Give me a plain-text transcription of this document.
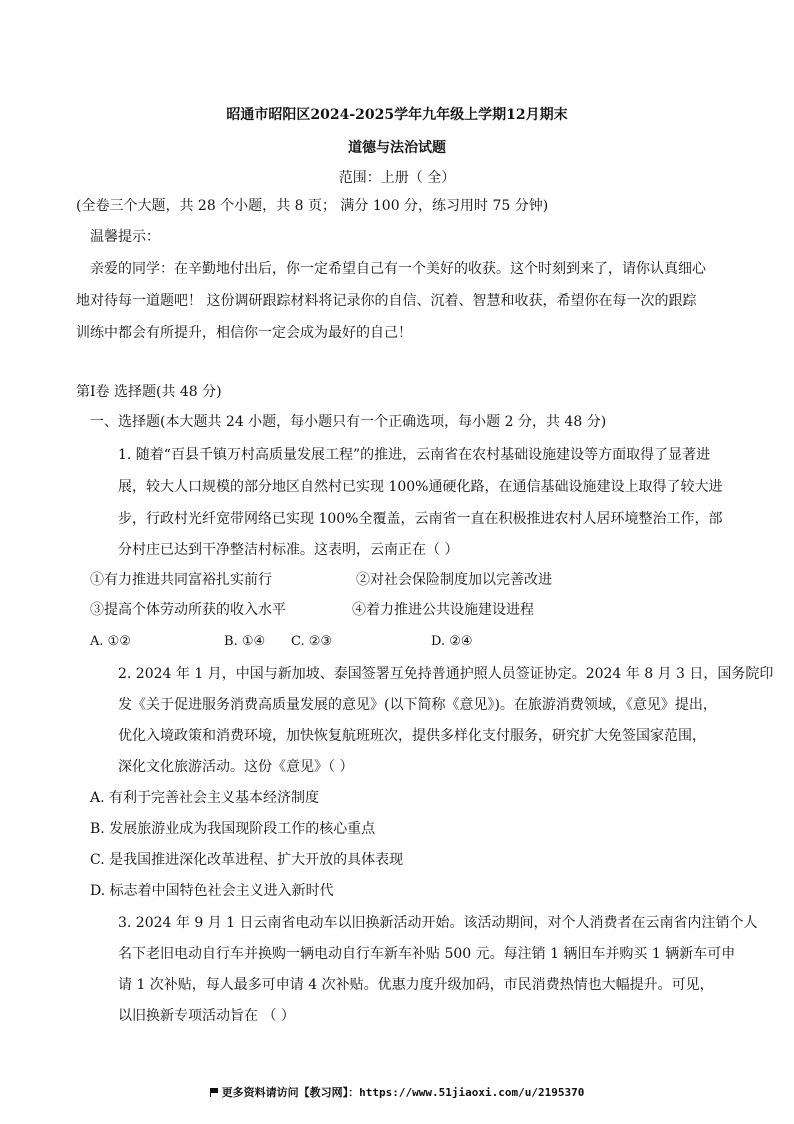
昭通市昭阳区2024-2025学年九年级上学期12月期末
道德与法治试题
范围：上册（ 全）
(全卷三个大题，共 28 个小题，共 8 页； 满分 100 分，练习用时 75 分钟)
温馨提示：
亲爱的同学：在辛勤地付出后，你一定希望自己有一个美好的收获。这个时刻到来了，请你认真细心
地对待每一道题吧！ 这份调研跟踪材料将记录你的自信、沉着、智慧和收获，希望你在每一次的跟踪
训练中都会有所提升，相信你一定会成为最好的自己！
第Ⅰ卷 选择题(共 48 分)
一、选择题(本大题共 24 小题，每小题只有一个正确选项，每小题 2 分，共 48 分)
1. 随着“百县千镇万村高质量发展工程”的推进，云南省在农村基础设施建设等方面取得了显著进
展，较大人口规模的部分地区自然村已实现 100%通硬化路，在通信基础设施建设上取得了较大进
步，行政村光纤宽带网络已实现 100%全覆盖，云南省一直在积极推进农村人居环境整治工作，部
分村庄已达到干净整洁村标准。这表明，云南正在（ ）
①有力推进共同富裕扎实前行	②对社会保险制度加以完善改进
③提高个体劳动所获的收入水平	④着力推进公共设施建设进程
A. ①②	B. ①④ C. ②③	D. ②④
2. 2024 年 1 月，中国与新加坡、泰国签署互免持普通护照人员签证协定。2024 年 8 月 3 日，国务院印
发《关于促进服务消费高质量发展的意见》(以下简称《意见》)。在旅游消费领域，《意见》提出，
优化入境政策和消费环境，加快恢复航班班次，提供多样化支付服务，研究扩大免签国家范围，
深化文化旅游活动。这份《意见》（ ）
A. 有利于完善社会主义基本经济制度
B. 发展旅游业成为我国现阶段工作的核心重点
C. 是我国推进深化改革进程、扩大开放的具体表现
D. 标志着中国特色社会主义进入新时代
3. 2024 年 9 月 1 日云南省电动车以旧换新活动开始。该活动期间，对个人消费者在云南省内注销个人
名下老旧电动自行车并换购一辆电动自行车新车补贴 500 元。每注销 1 辆旧车并购买 1 辆新车可申
请 1 次补贴，每人最多可申请 4 次补贴。优惠力度升级加码，市民消费热情也大幅提升。可见，
以旧换新专项活动旨在 （ ）
更多资料请访问【教习网】：https://www.51jiaoxi.com/u/2195370
